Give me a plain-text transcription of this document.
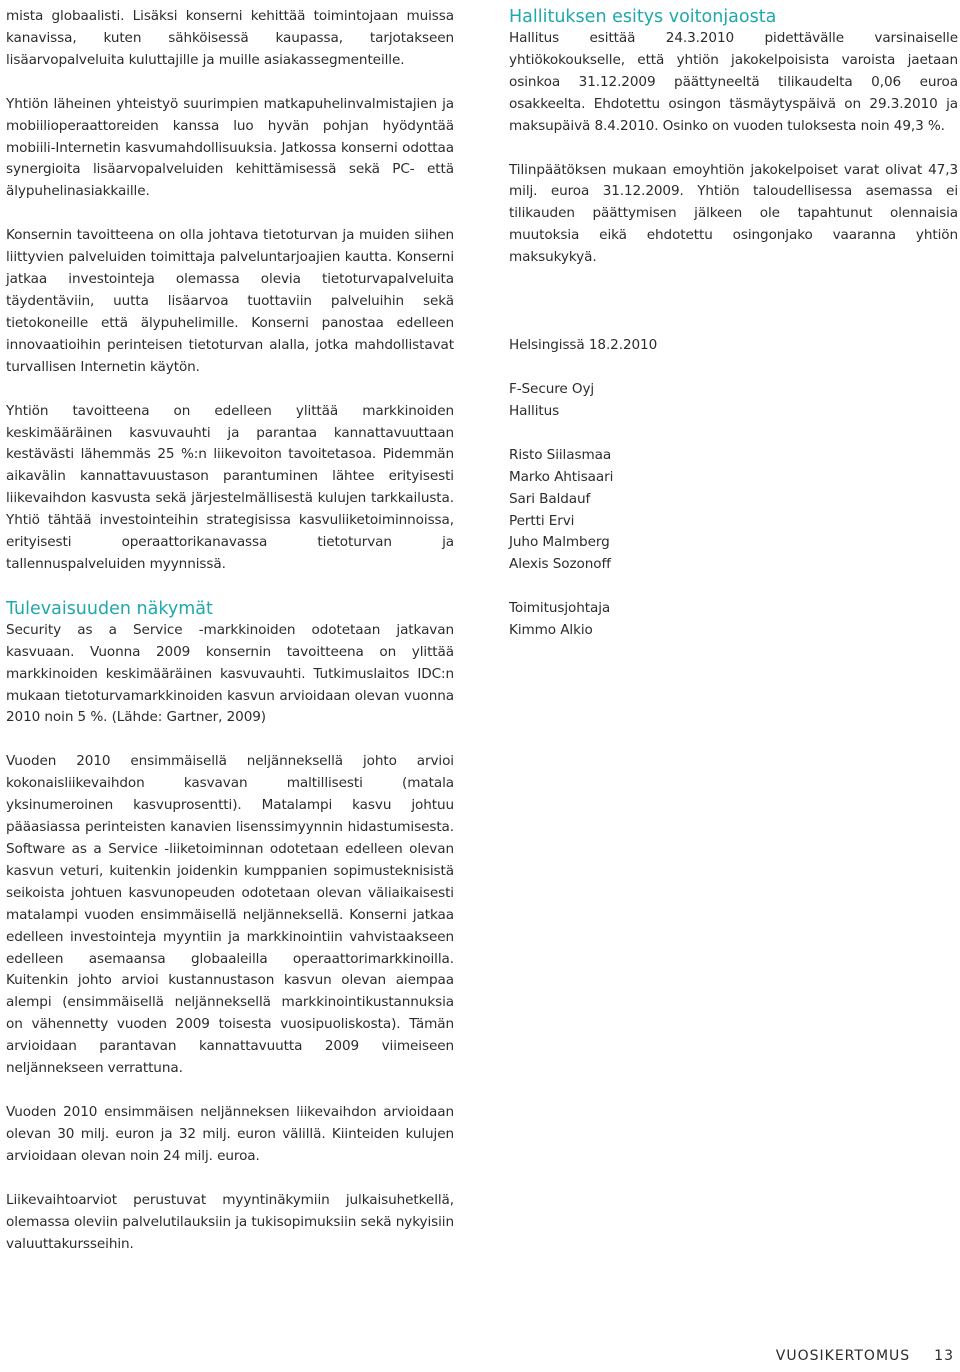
mista globaalisti. Lisäksi konserni kehittää toimintojaan muissa kanavissa, kuten sähköisessä kaupassa, tarjotakseen lisäarvopalveluita kuluttajille ja muille asiakassegmenteille.

Yhtiön läheinen yhteistyö suurimpien matkapuhelinvalmistajien ja mobiilioperaattoreiden kanssa luo hyvän pohjan hyödyntää mobiili-Internetin kasvumahdollisuuksia. Jatkossa konserni odottaa synergioita lisäarvopalveluiden kehittämisessä sekä PC- että älypuhelinasiakkaille.

Konsernin tavoitteena on olla johtava tietoturvan ja muiden siihen liittyvien palveluiden toimittaja palveluntarjoajien kautta. Konserni jatkaa investointeja olemassa olevia tietoturvapalveluita täydentäviin, uutta lisäarvoa tuottaviin palveluihin sekä tietokoneille että älypuhelimille. Konserni panostaa edelleen innovaatioihin perinteisen tietoturvan alalla, jotka mahdollistavat turvallisen Internetin käytön.

Yhtiön tavoitteena on edelleen ylittää markkinoiden keskimääräinen kasvuvauhti ja parantaa kannattavuuttaan kestävästi lähemmäs 25 %:n liikevoiton tavoitetasoa. Pidemmän aikavälin kannattavuustason parantuminen lähtee erityisesti liikevaihdon kasvusta sekä järjestelmällisestä kulujen tarkkailusta. Yhtiö tähtää investointeihin strategisissa kasvuliiketoiminnoissa, erityisesti operaattorikanavassa tietoturvan ja tallennuspalveluiden myynnissä.

Tulevaisuuden näkymät

Security as a Service -markkinoiden odotetaan jatkavan kasvuaan. Vuonna 2009 konsernin tavoitteena on ylittää markkinoiden keskimääräinen kasvuvauhti. Tutkimuslaitos IDC:n mukaan tietoturvamarkkinoiden kasvun arvioidaan olevan vuonna 2010 noin 5 %. (Lähde: Gartner, 2009)

Vuoden 2010 ensimmäisellä neljänneksellä johto arvioi kokonaisliikevaihdon kasvavan maltillisesti (matala yksinumeroinen kasvuprosentti). Matalampi kasvu johtuu pääasiassa perinteisten kanavien lisenssimyynnin hidastumisesta. Software as a Service -liiketoiminnan odotetaan edelleen olevan kasvun veturi, kuitenkin joidenkin kumppanien sopimusteknisistä seikoista johtuen kasvunopeuden odotetaan olevan väliaikaisesti matalampi vuoden ensimmäisellä neljänneksellä. Konserni jatkaa edelleen investointeja myyntiin ja markkinointiin vahvistaakseen edelleen asemaansa globaaleilla operaattorimarkkinoilla. Kuitenkin johto arvioi kustannustason kasvun olevan aiempaa alempi (ensimmäisellä neljänneksellä markkinointikustannuksia on vähennetty vuoden 2009 toisesta vuosipuoliskosta). Tämän arvioidaan parantavan kannattavuutta 2009 viimeiseen neljännekseen verrattuna.

Vuoden 2010 ensimmäisen neljänneksen liikevaihdon arvioidaan olevan 30 milj. euron ja 32 milj. euron välillä. Kiinteiden kulujen arvioidaan olevan noin 24 milj. euroa.

Liikevaihtoarviot perustuvat myyntinäkymiin julkaisuhetkellä, olemassa oleviin palvelutilauksiin ja tukisopimuksiin sekä nykyisiin valuuttakursseihin.

Hallituksen esitys voitonjaosta

Hallitus esittää 24.3.2010 pidettävälle varsinaiselle yhtiökokoukselle, että yhtiön jakokelpoisista varoista jaetaan osinkoa 31.12.2009 päättyneeltä tilikaudelta 0,06 euroa osakkeelta. Ehdotettu osingon täsmäytyspäivä on 29.3.2010 ja maksupäivä 8.4.2010. Osinko on vuoden tuloksesta noin 49,3 %.

Tilinpäätöksen mukaan emoyhtiön jakokelpoiset varat olivat 47,3 milj. euroa 31.12.2009. Yhtiön taloudellisessa asemassa ei tilikauden päättymisen jälkeen ole tapahtunut olennaisia muutoksia eikä ehdotettu osingonjako vaaranna yhtiön maksukykyä.

Helsingissä 18.2.2010

F-Secure Oyj

Hallitus

Risto Siilasmaa

Marko Ahtisaari

Sari Baldauf

Pertti Ervi

Juho Malmberg

Alexis Sozonoff

Toimitusjohtaja

Kimmo Alkio

VUOSIKERTOMUS 13
